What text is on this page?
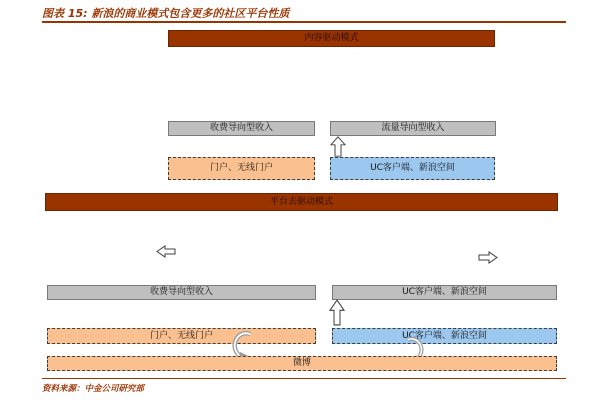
图表 15: 新浪的商业模式包含更多的社区平台性质
内容驱动模式
收费导向型收入	流量导向型收入
门户、无线门户	UC客户端、新浪空间
平台去驱动模式
收费导向型收入	UC客户端、新浪空间
门户、无线门户	UC客户端、新浪空间
微博
资料来源：中金公司研究部
